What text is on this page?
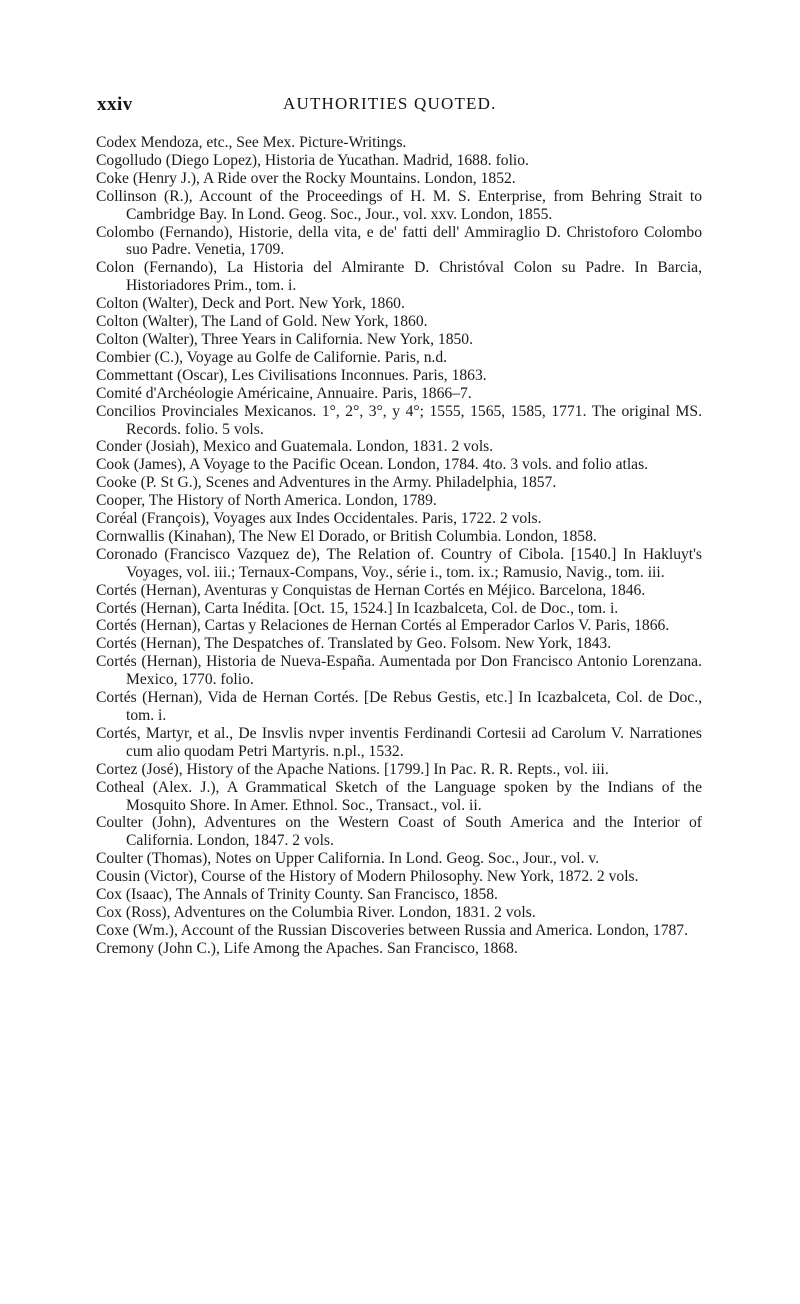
xxiv	AUTHORITIES QUOTED.
Codex Mendoza, etc., See Mex. Picture-Writings.
Cogolludo (Diego Lopez), Historia de Yucathan. Madrid, 1688. folio.
Coke (Henry J.), A Ride over the Rocky Mountains. London, 1852.
Collinson (R.), Account of the Proceedings of H. M. S. Enterprise, from Behring Strait to Cambridge Bay. In Lond. Geog. Soc., Jour., vol. xxv. London, 1855.
Colombo (Fernando), Historie, della vita, e de' fatti dell' Ammiraglio D. Christoforo Colombo suo Padre. Venetia, 1709.
Colon (Fernando), La Historia del Almirante D. Christóval Colon su Padre. In Barcia, Historiadores Prim., tom. i.
Colton (Walter), Deck and Port. New York, 1860.
Colton (Walter), The Land of Gold. New York, 1860.
Colton (Walter), Three Years in California. New York, 1850.
Combier (C.), Voyage au Golfe de Californie. Paris, n.d.
Commettant (Oscar), Les Civilisations Inconnues. Paris, 1863.
Comité d'Archéologie Américaine, Annuaire. Paris, 1866–7.
Concilios Provinciales Mexicanos. 1°, 2°, 3°, y 4°; 1555, 1565, 1585, 1771. The original MS. Records. folio. 5 vols.
Conder (Josiah), Mexico and Guatemala. London, 1831. 2 vols.
Cook (James), A Voyage to the Pacific Ocean. London, 1784. 4to. 3 vols. and folio atlas.
Cooke (P. St G.), Scenes and Adventures in the Army. Philadelphia, 1857.
Cooper, The History of North America. London, 1789.
Coréal (François), Voyages aux Indes Occidentales. Paris, 1722. 2 vols.
Cornwallis (Kinahan), The New El Dorado, or British Columbia. London, 1858.
Coronado (Francisco Vazquez de), The Relation of. Country of Cibola. [1540.] In Hakluyt's Voyages, vol. iii.; Ternaux-Compans, Voy., série i., tom. ix.; Ramusio, Navig., tom. iii.
Cortés (Hernan), Aventuras y Conquistas de Hernan Cortés en Méjico. Barcelona, 1846.
Cortés (Hernan), Carta Inédita. [Oct. 15, 1524.] In Icazbalceta, Col. de Doc., tom. i.
Cortés (Hernan), Cartas y Relaciones de Hernan Cortés al Emperador Carlos V. Paris, 1866.
Cortés (Hernan), The Despatches of. Translated by Geo. Folsom. New York, 1843.
Cortés (Hernan), Historia de Nueva-España. Aumentada por Don Francisco Antonio Lorenzana. Mexico, 1770. folio.
Cortés (Hernan), Vida de Hernan Cortés. [De Rebus Gestis, etc.] In Icazbalceta, Col. de Doc., tom. i.
Cortés, Martyr, et al., De Insvlis nvper inventis Ferdinandi Cortesii ad Carolum V. Narrationes cum alio quodam Petri Martyris. n.pl., 1532.
Cortez (José), History of the Apache Nations. [1799.] In Pac. R. R. Repts., vol. iii.
Cotheal (Alex. J.), A Grammatical Sketch of the Language spoken by the Indians of the Mosquito Shore. In Amer. Ethnol. Soc., Transact., vol. ii.
Coulter (John), Adventures on the Western Coast of South America and the Interior of California. London, 1847. 2 vols.
Coulter (Thomas), Notes on Upper California. In Lond. Geog. Soc., Jour., vol. v.
Cousin (Victor), Course of the History of Modern Philosophy. New York, 1872. 2 vols.
Cox (Isaac), The Annals of Trinity County. San Francisco, 1858.
Cox (Ross), Adventures on the Columbia River. London, 1831. 2 vols.
Coxe (Wm.), Account of the Russian Discoveries between Russia and America. London, 1787.
Cremony (John C.), Life Among the Apaches. San Francisco, 1868.
